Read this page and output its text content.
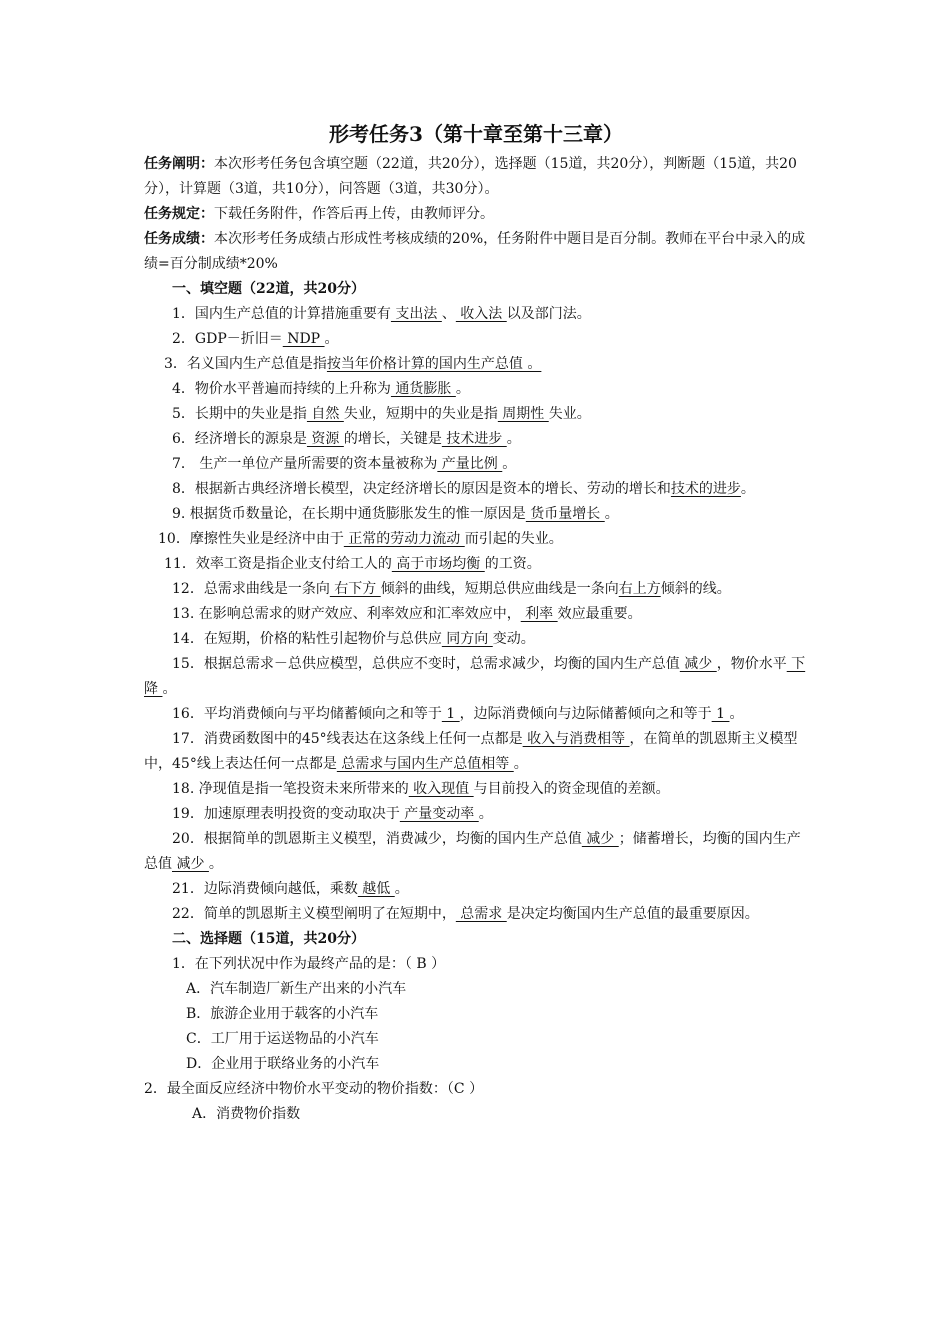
形考任务3（第十章至第十三章）

任务阐明：本次形考任务包含填空题（22道，共20分），选择题（15道，共20分），判断题（15道，共20分），计算题（3道，共10分），问答题（3道，共30分）。

任务规定：下载任务附件，作答后再上传，由教师评分。

任务成绩：本次形考任务成绩占形成性考核成绩的20%，任务附件中题目是百分制。教师在平台中录入的成绩=百分制成绩*20%

一、填空题（22道，共20分）

1．国内生产总值的计算措施重要有 支出法 、 收入法 以及部门法。

2．GDP－折旧＝ NDP 。

3．名义国内生产总值是指按当年价格计算的国内生产总值 。

4．物价水平普遍而持续的上升称为 通货膨胀 。

5．长期中的失业是指 自然 失业，短期中的失业是指 周期性 失业。

6．经济增长的源泉是 资源 的增长，关键是 技术进步 。

7． 生产一单位产量所需要的资本量被称为 产量比例 。

8．根据新古典经济增长模型，决定经济增长的原因是资本的增长、劳动的增长和技术的进步。

9. 根据货币数量论，在长期中通货膨胀发生的惟一原因是 货币量增长 。

10．摩擦性失业是经济中由于 正常的劳动力流动 而引起的失业。

11．效率工资是指企业支付给工人的 高于市场均衡 的工资。

12．总需求曲线是一条向 右下方 倾斜的曲线，短期总供应曲线是一条向右上方倾斜的线。

13. 在影响总需求的财产效应、利率效应和汇率效应中， 利率 效应最重要。

14．在短期，价格的粘性引起物价与总供应 同方向 变动。

15．根据总需求－总供应模型，总供应不变时，总需求减少，均衡的国内生产总值 减少 ，物价水平 下降 。

16．平均消费倾向与平均储蓄倾向之和等于 1 ，边际消费倾向与边际储蓄倾向之和等于 1 。

17．消费函数图中的45°线表达在这条线上任何一点都是 收入与消费相等 ，在简单的凯恩斯主义模型中，45°线上表达任何一点都是 总需求与国内生产总值相等 。

18. 净现值是指一笔投资未来所带来的 收入现值 与目前投入的资金现值的差额。

19．加速原理表明投资的变动取决于 产量变动率 。

20．根据简单的凯恩斯主义模型，消费减少，均衡的国内生产总值 减少 ；储蓄增长，均衡的国内生产总值 减少 。

21．边际消费倾向越低，乘数 越低 。

22．简单的凯恩斯主义模型阐明了在短期中， 总需求 是决定均衡国内生产总值的最重要原因。

二、选择题（15道，共20分）

1．在下列状况中作为最终产品的是：（ B ）

A．汽车制造厂新生产出来的小汽车

B．旅游企业用于载客的小汽车

C．工厂用于运送物品的小汽车

D．企业用于联络业务的小汽车

2．最全面反应经济中物价水平变动的物价指数：（C ）

A．消费物价指数
